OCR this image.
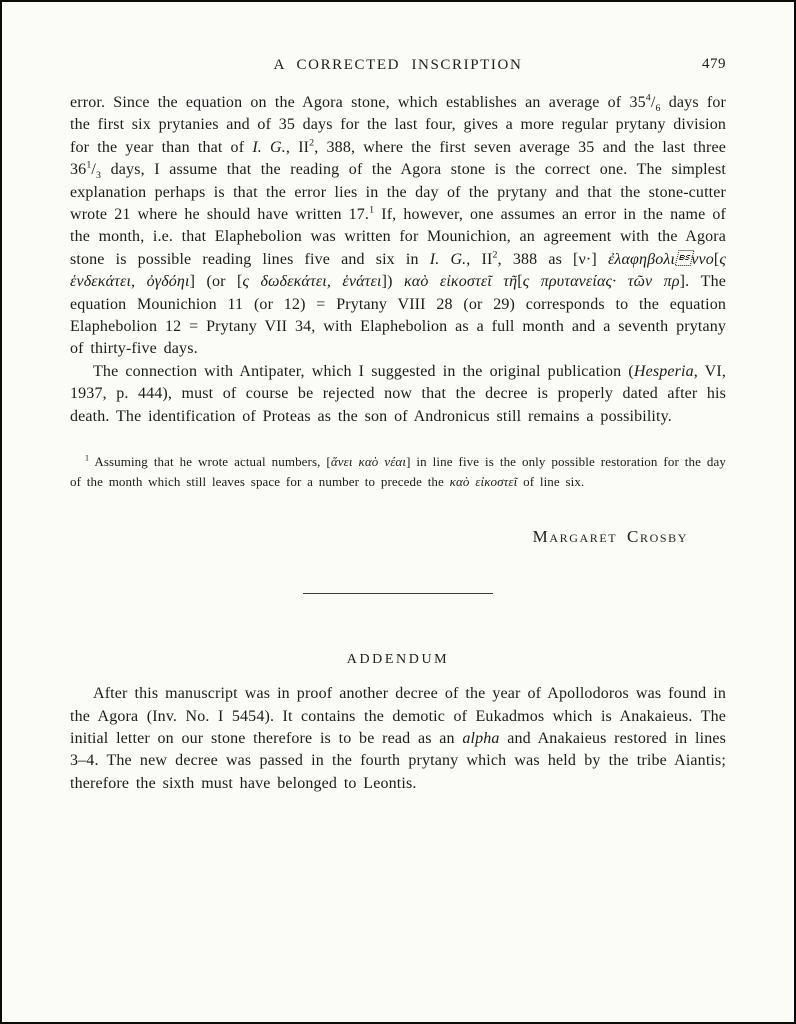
A CORRECTED INSCRIPTION	479

error. Since the equation on the Agora stone, which establishes an average of $35^4/_6$ days for the first six prytanies and of 35 days for the last four, gives a more regular prytany division for the year than that of I. G., $II^2$, 388, where the first seven average 35 and the last three $36^1/_3$ days, I assume that the reading of the Agora stone is the correct one. The simplest explanation perhaps is that the error lies in the day of the prytany and that the stone-cutter wrote 21 where he should have written 17.$^1$ If, however, one assumes an error in the name of the month, i.e. that Elaphebolion was written for Mounichion, an agreement with the Agora stone is possible reading lines five and six in I. G., $II^2$, 388 as [ν·] ἐλαφηβολιννο[ς ἑνδεκάτει, ὀγδόηι] (or [ς δωδεκάτει, ἑνάτει]) καὸ εἰκοστεῖ τῆ[ς πρυτανείας· τῶν πρ]. The equation Mounichion 11 (or 12) = Prytany VIII 28 (or 29) corresponds to the equation Elaphebolion 12 = Prytany VII 34, with Elaphebolion as a full month and a seventh prytany of thirty-five days.

The connection with Antipater, which I suggested in the original publication (Hesperia, VI, 1937, p. 444), must of course be rejected now that the decree is properly dated after his death. The identification of Proteas as the son of Andronicus still remains a possibility.

$^1$ Assuming that he wrote actual numbers, [ἅνει καὸ νέαι] in line five is the only possible restoration for the day of the month which still leaves space for a number to precede the καὸ εἰκοστεῖ of line six.
Margaret Crosby
ADDENDUM

After this manuscript was in proof another decree of the year of Apollodoros was found in the Agora (Inv. No. I 5454). It contains the demotic of Eukadmos which is Anakaieus. The initial letter on our stone therefore is to be read as an alpha and Anakaieus restored in lines 3–4. The new decree was passed in the fourth prytany which was held by the tribe Aiantis; therefore the sixth must have belonged to Leontis.
